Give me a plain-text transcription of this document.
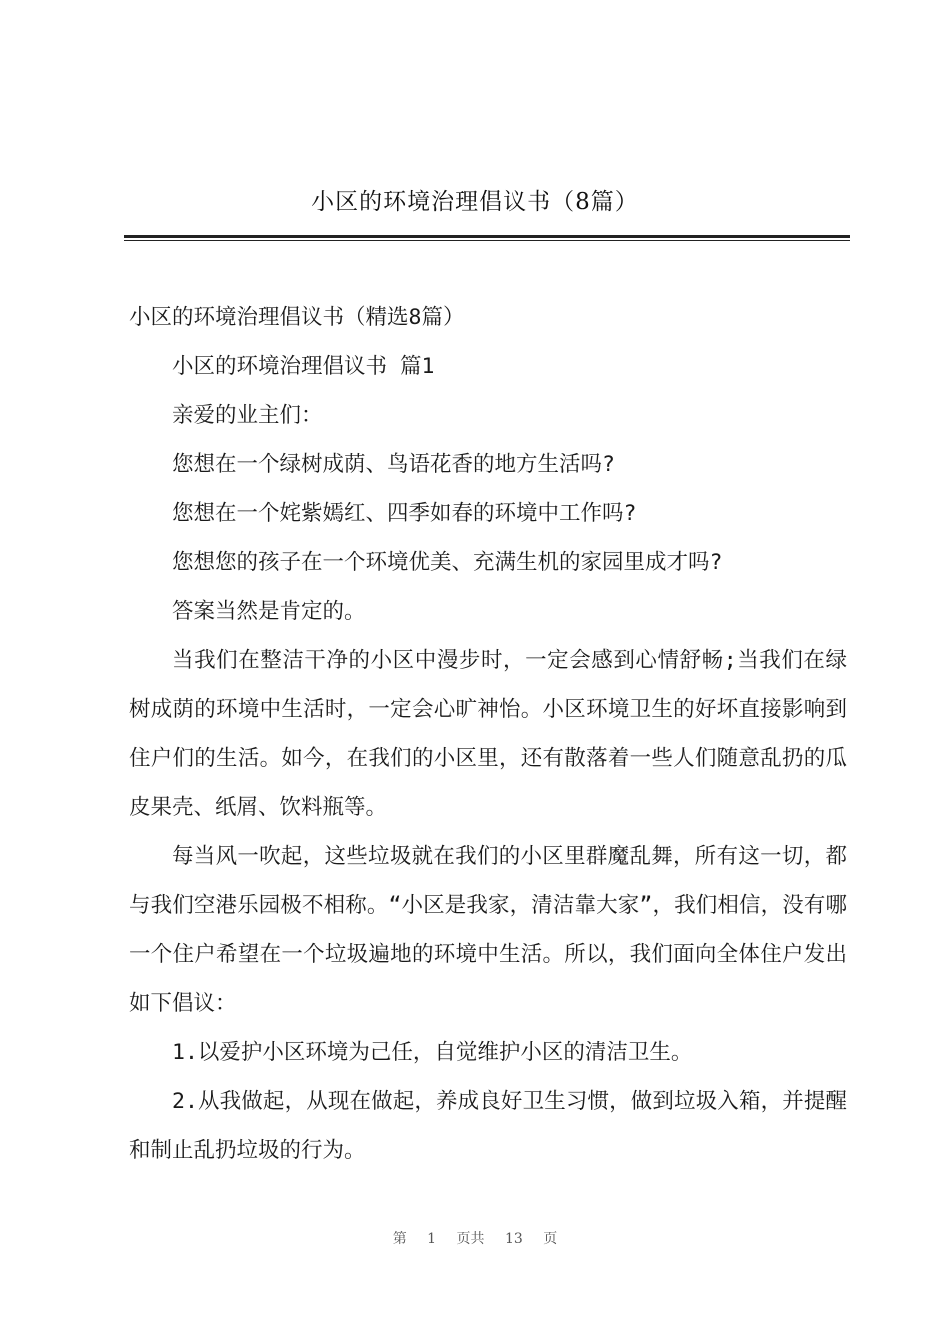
小区的环境治理倡议书（8篇）

小区的环境治理倡议书（精选8篇）

小区的环境治理倡议书 篇1

亲爱的业主们：

您想在一个绿树成荫、鸟语花香的地方生活吗?

您想在一个姹紫嫣红、四季如春的环境中工作吗?

您想您的孩子在一个环境优美、充满生机的家园里成才吗?

答案当然是肯定的。

当我们在整洁干净的小区中漫步时，一定会感到心情舒畅;当我们在绿树成荫的环境中生活时，一定会心旷神怡。小区环境卫生的好坏直接影响到住户们的生活。如今，在我们的小区里，还有散落着一些人们随意乱扔的瓜皮果壳、纸屑、饮料瓶等。

每当风一吹起，这些垃圾就在我们的小区里群魔乱舞，所有这一切，都与我们空港乐园极不相称。“小区是我家，清洁靠大家”，我们相信，没有哪一个住户希望在一个垃圾遍地的环境中生活。所以，我们面向全体住户发出如下倡议：

1.以爱护小区环境为己任，自觉维护小区的清洁卫生。

2.从我做起，从现在做起，养成良好卫生习惯，做到垃圾入箱，并提醒和制止乱扔垃圾的行为。

第 1 页共 13 页
